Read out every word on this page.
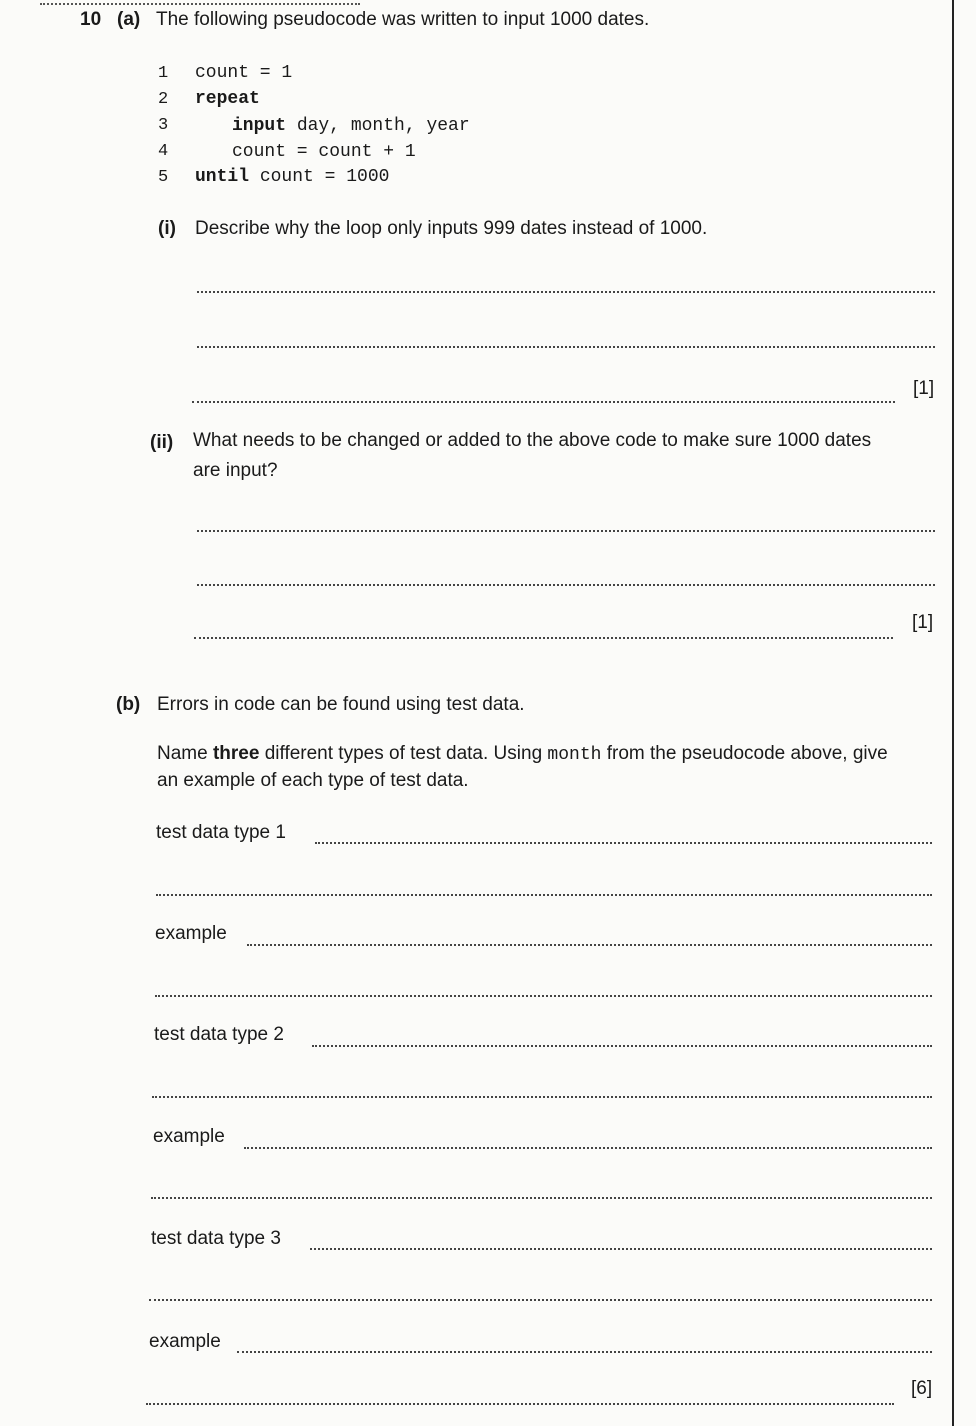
10 (a) The following pseudocode was written to input 1000 dates.
1 count = 1
2 repeat
3	input day, month, year
4	count = count + 1
5 until count = 1000
(i) Describe why the loop only inputs 999 dates instead of 1000.
[1]
(ii) What needs to be changed or added to the above code to make sure 1000 dates
are input?
[1]
(b) Errors in code can be found using test data.
Name three different types of test data. Using month from the pseudocode above, give
an example of each type of test data.
test data type 1
example
test data type 2
example
test data type 3
example
[6]
